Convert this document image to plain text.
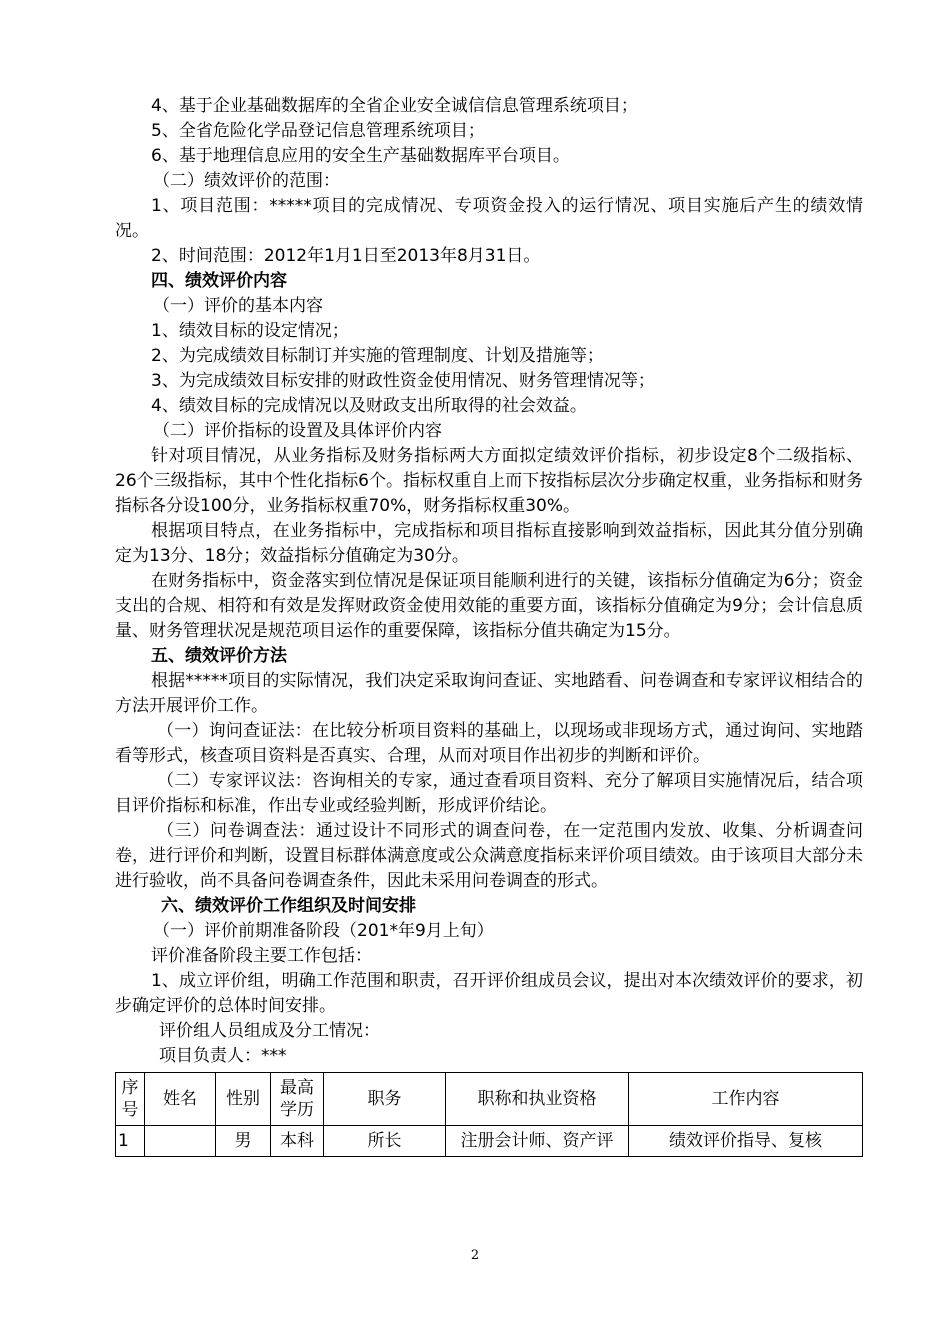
4、基于企业基础数据库的全省企业安全诚信信息管理系统项目；

5、全省危险化学品登记信息管理系统项目；

6、基于地理信息应用的安全生产基础数据库平台项目。

（二）绩效评价的范围：

1、项目范围：*****项目的完成情况、专项资金投入的运行情况、项目实施后产生的绩效情况。

2、时间范围：2012年1月1日至2013年8月31日。

四、绩效评价内容

（一）评价的基本内容

1、绩效目标的设定情况；

2、为完成绩效目标制订并实施的管理制度、计划及措施等；

3、为完成绩效目标安排的财政性资金使用情况、财务管理情况等；

4、绩效目标的完成情况以及财政支出所取得的社会效益。

（二）评价指标的设置及具体评价内容

针对项目情况，从业务指标及财务指标两大方面拟定绩效评价指标，初步设定8个二级指标、26个三级指标，其中个性化指标6个。指标权重自上而下按指标层次分步确定权重，业务指标和财务指标各分设100分，业务指标权重70%，财务指标权重30%。

根据项目特点，在业务指标中，完成指标和项目指标直接影响到效益指标，因此其分值分别确定为13分、18分；效益指标分值确定为30分。

在财务指标中，资金落实到位情况是保证项目能顺利进行的关键，该指标分值确定为6分；资金支出的合规、相符和有效是发挥财政资金使用效能的重要方面，该指标分值确定为9分；会计信息质量、财务管理状况是规范项目运作的重要保障，该指标分值共确定为15分。

五、绩效评价方法

根据*****项目的实际情况，我们决定采取询问查证、实地踏看、问卷调查和专家评议相结合的方法开展评价工作。

（一）询问查证法：在比较分析项目资料的基础上，以现场或非现场方式，通过询问、实地踏看等形式，核查项目资料是否真实、合理，从而对项目作出初步的判断和评价。

（二）专家评议法：咨询相关的专家，通过查看项目资料、充分了解项目实施情况后，结合项目评价指标和标准，作出专业或经验判断，形成评价结论。

（三）问卷调查法：通过设计不同形式的调查问卷，在一定范围内发放、收集、分析调查问卷，进行评价和判断，设置目标群体满意度或公众满意度指标来评价项目绩效。由于该项目大部分未进行验收，尚不具备问卷调查条件，因此未采用问卷调查的形式。

六、绩效评价工作组织及时间安排

（一）评价前期准备阶段（201*年9月上旬）

评价准备阶段主要工作包括：

1、成立评价组，明确工作范围和职责，召开评价组成员会议，提出对本次绩效评价的要求，初步确定评价的总体时间安排。

评价组人员组成及分工情况：

项目负责人：***

序号	姓名	性别	最高学历	职务	职称和执业资格	工作内容
1		男	本科	所长	注册会计师、资产评	绩效评价指导、复核
2
